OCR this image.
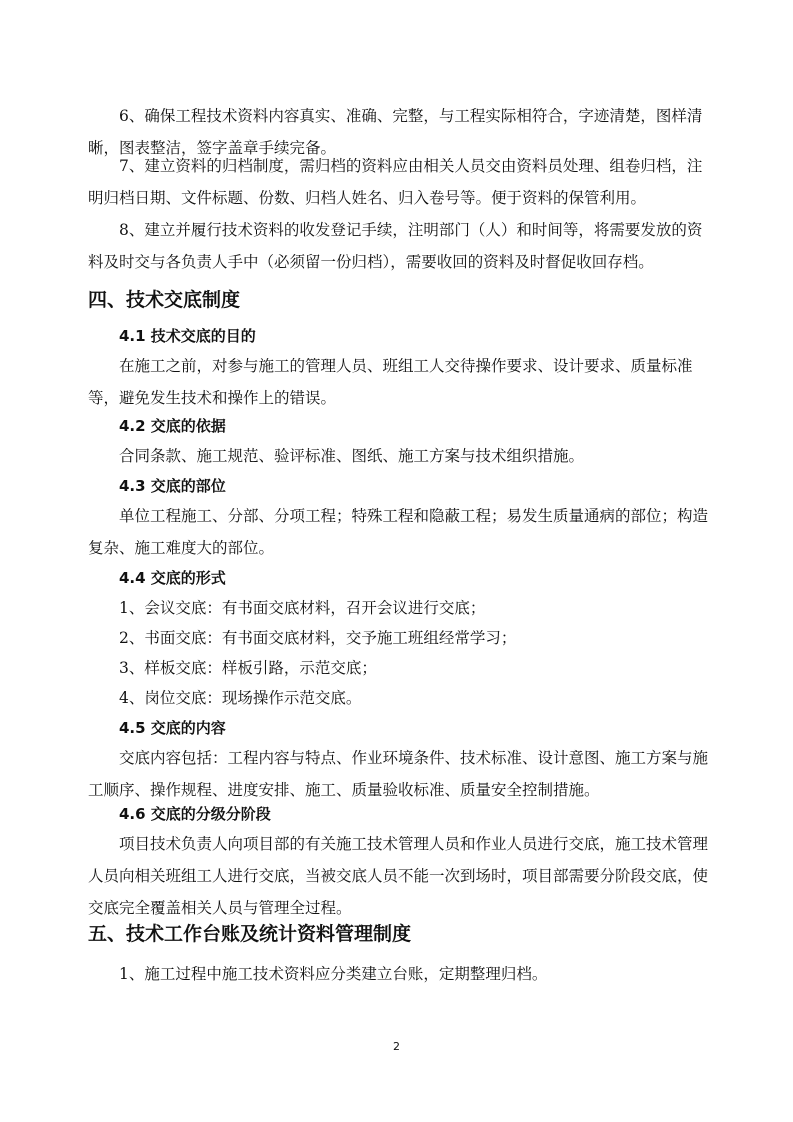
6、确保工程技术资料内容真实、准确、完整，与工程实际相符合，字迹清楚，图样清晰，图表整洁，签字盖章手续完备。

7、建立资料的归档制度，需归档的资料应由相关人员交由资料员处理、组卷归档，注明归档日期、文件标题、份数、归档人姓名、归入卷号等。便于资料的保管利用。

8、建立并履行技术资料的收发登记手续，注明部门（人）和时间等，将需要发放的资料及时交与各负责人手中（必须留一份归档），需要收回的资料及时督促收回存档。

四、技术交底制度
4.1 技术交底的目的

在施工之前，对参与施工的管理人员、班组工人交待操作要求、设计要求、质量标准等，避免发生技术和操作上的错误。

4.2 交底的依据

合同条款、施工规范、验评标准、图纸、施工方案与技术组织措施。

4.3 交底的部位

单位工程施工、分部、分项工程；特殊工程和隐蔽工程；易发生质量通病的部位；构造复杂、施工难度大的部位。

4.4 交底的形式

1、会议交底：有书面交底材料，召开会议进行交底；

2、书面交底：有书面交底材料，交予施工班组经常学习；

3、样板交底：样板引路，示范交底；

4、岗位交底：现场操作示范交底。

4.5 交底的内容

交底内容包括：工程内容与特点、作业环境条件、技术标准、设计意图、施工方案与施工顺序、操作规程、进度安排、施工、质量验收标准、质量安全控制措施。

4.6 交底的分级分阶段

项目技术负责人向项目部的有关施工技术管理人员和作业人员进行交底，施工技术管理人员向相关班组工人进行交底，当被交底人员不能一次到场时，项目部需要分阶段交底，使交底完全覆盖相关人员与管理全过程。

五、技术工作台账及统计资料管理制度

1、施工过程中施工技术资料应分类建立台账，定期整理归档。

2
